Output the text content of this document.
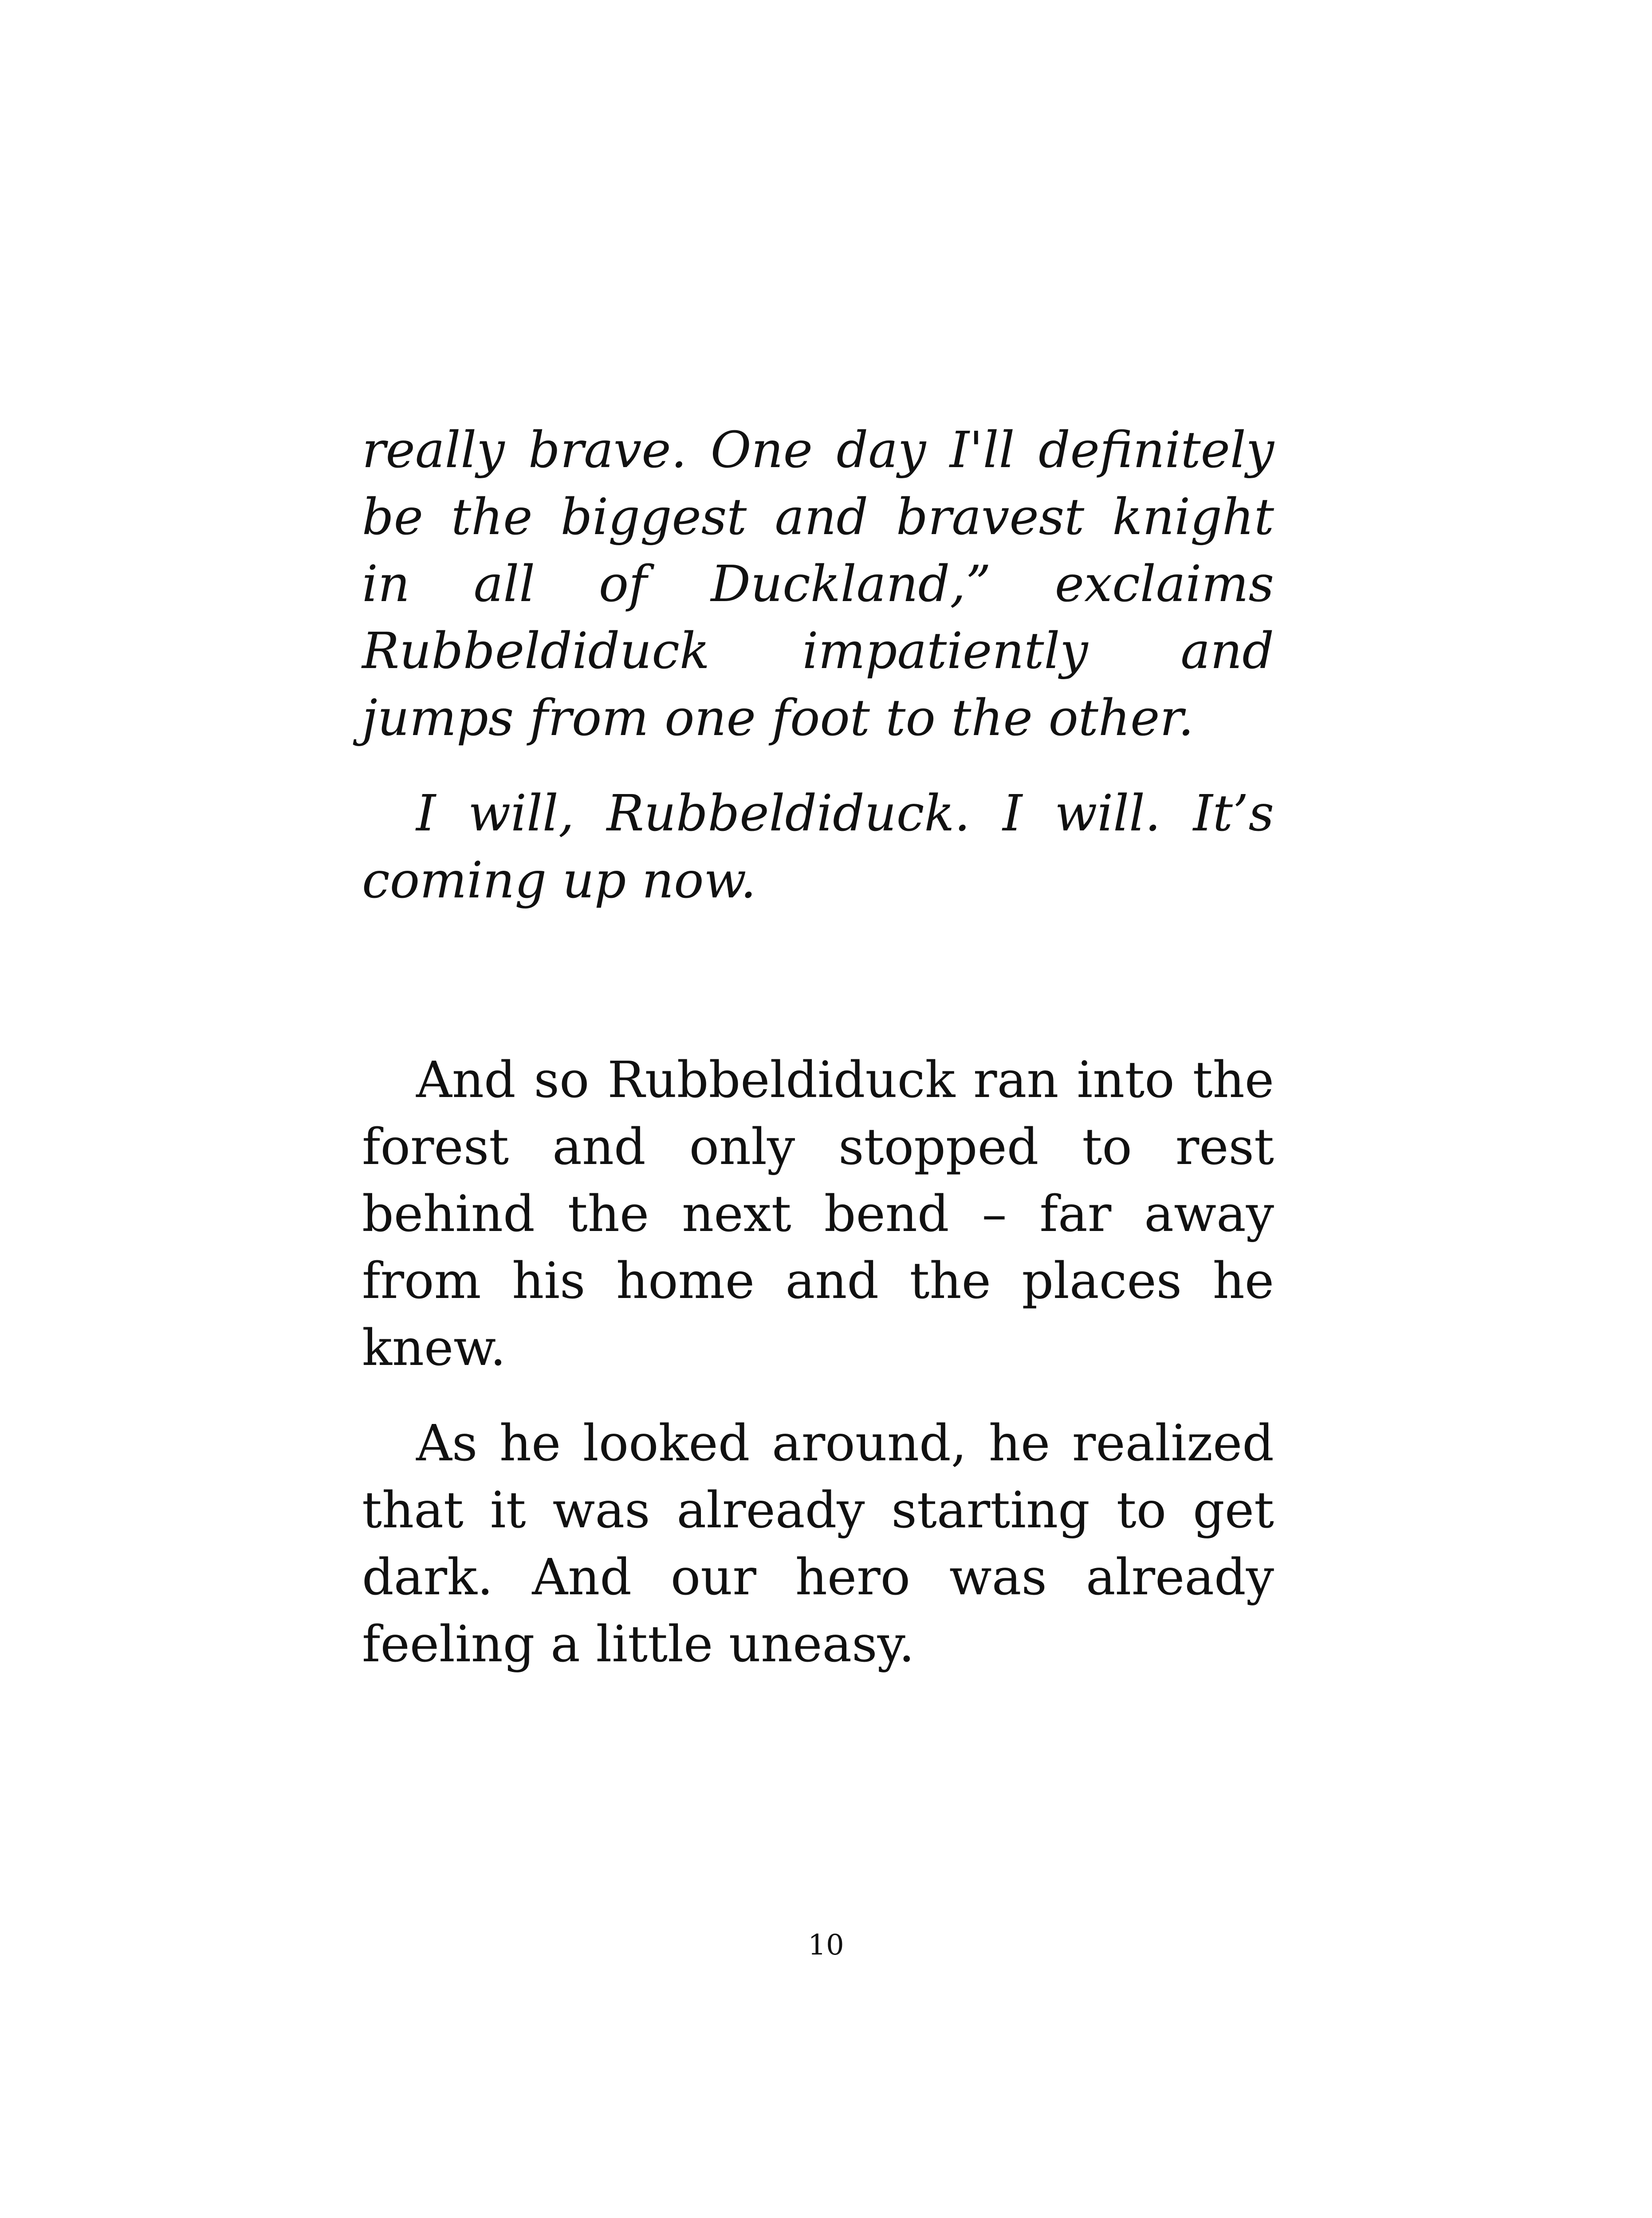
really brave. One day I'll definitely be the biggest and bravest knight in all of Duckland,” exclaims Rubbeldiduck impatiently and jumps from one foot to the other.

I will, Rubbeldiduck. I will. It’s coming up now.

And so Rubbeldiduck ran into the forest and only stopped to rest behind the next bend – far away from his home and the places he knew.

As he looked around, he realized that it was already starting to get dark. And our hero was already feeling a little uneasy.

10
